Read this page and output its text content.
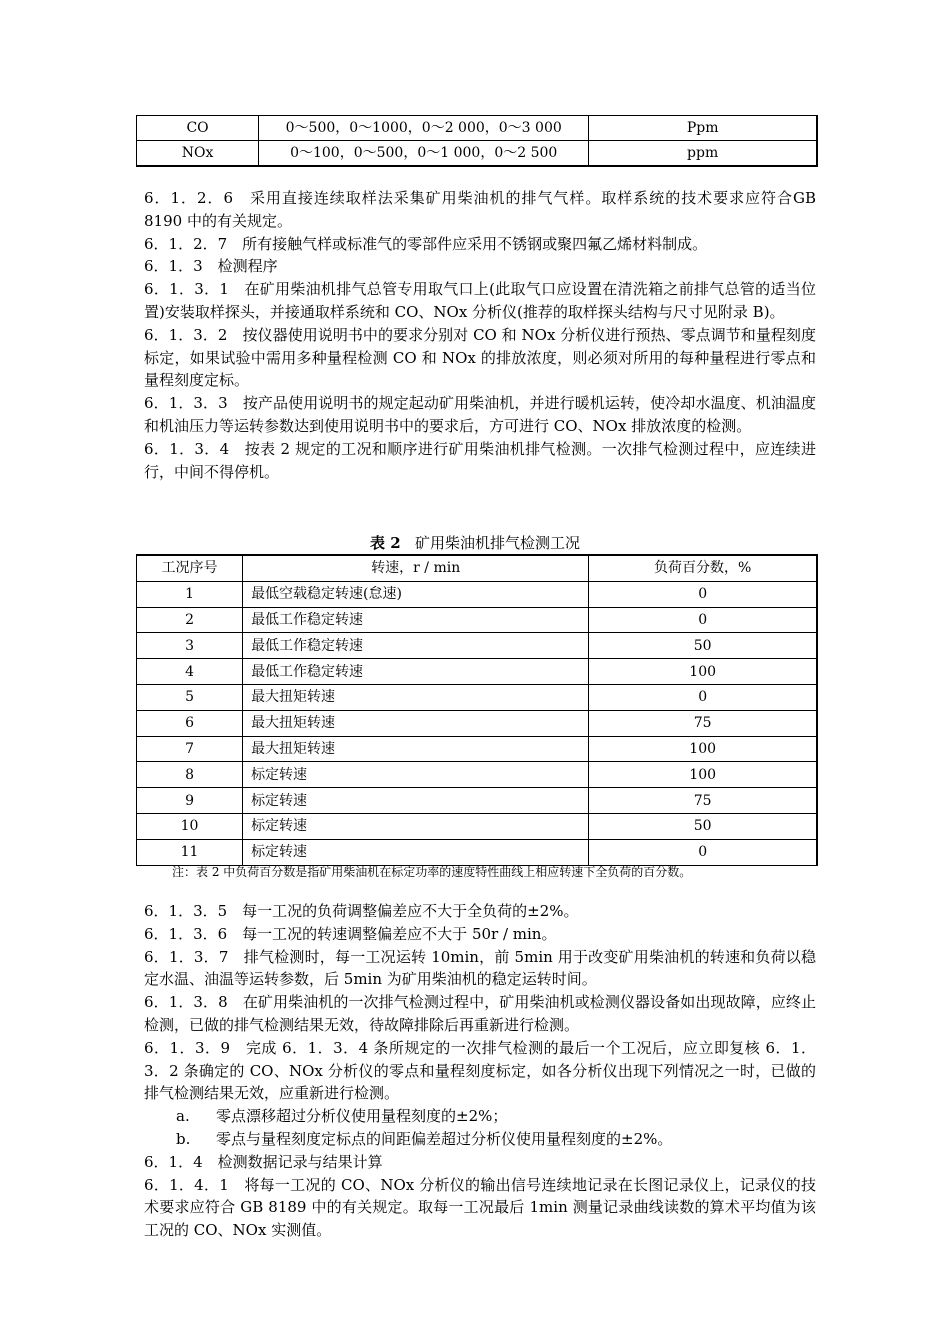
CO	0～500，0～1000，0～2 000，0～3 000	Ppm
NOx	0～100，0～500，0～1 000，0～2 500	ppm

6．1．2．6　采用直接连续取样法采集矿用柴油机的排气气样。取样系统的技术要求应符合GB 8190 中的有关规定。

6．1．2．7　所有接触气样或标准气的零部件应采用不锈钢或聚四氟乙烯材料制成。

6．1．3　检测程序

6．1．3．1　在矿用柴油机排气总管专用取气口上(此取气口应设置在清洗箱之前排气总管的适当位置)安装取样探头，并接通取样系统和 CO、NOx 分析仪(推荐的取样探头结构与尺寸见附录 B)。

6．1．3．2　按仪器使用说明书中的要求分别对 CO 和 NOx 分析仪进行预热、零点调节和量程刻度标定，如果试验中需用多种量程检测 CO 和 NOx 的排放浓度，则必须对所用的每种量程进行零点和量程刻度定标。

6．1．3．3　按产品使用说明书的规定起动矿用柴油机，并进行暖机运转，使冷却水温度、机油温度和机油压力等运转参数达到使用说明书中的要求后，方可进行 CO、NOx 排放浓度的检测。

6．1．3．4　按表 2 规定的工况和顺序进行矿用柴油机排气检测。一次排气检测过程中，应连续进行，中间不得停机。

表 2 矿用柴油机排气检测工况
工况序号	转速，r / min	负荷百分数，%
1	最低空载稳定转速(怠速)	0
2	最低工作稳定转速	0
3	最低工作稳定转速	50
4	最低工作稳定转速	100
5	最大扭矩转速	0
6	最大扭矩转速	75
7	最大扭矩转速	100
8	标定转速	100
9	标定转速	75
10	标定转速	50
11	标定转速	0
注：表 2 中负荷百分数是指矿用柴油机在标定功率的速度特性曲线上相应转速下全负荷的百分数。

6．1．3．5　每一工况的负荷调整偏差应不大于全负荷的±2%。

6．1．3．6　每一工况的转速调整偏差应不大于 50r / min。

6．1．3．7　排气检测时，每一工况运转 10min，前 5min 用于改变矿用柴油机的转速和负荷以稳定水温、油温等运转参数，后 5min 为矿用柴油机的稳定运转时间。

6．1．3．8　在矿用柴油机的一次排气检测过程中，矿用柴油机或检测仪器设备如出现故障，应终止检测，已做的排气检测结果无效，待故障排除后再重新进行检测。

6．1．3．9　完成 6．1．3．4 条所规定的一次排气检测的最后一个工况后，应立即复核 6．1．3．2 条确定的 CO、NOx 分析仪的零点和量程刻度标定，如各分析仪出现下列情况之一时，已做的排气检测结果无效，应重新进行检测。

a. 零点漂移超过分析仪使用量程刻度的±2%；

b. 零点与量程刻度定标点的间距偏差超过分析仪使用量程刻度的±2%。

6．1．4　检测数据记录与结果计算

6．1．4．1　将每一工况的 CO、NOx 分析仪的输出信号连续地记录在长图记录仪上，记录仪的技术要求应符合 GB 8189 中的有关规定。取每一工况最后 1min 测量记录曲线读数的算术平均值为该工况的 CO、NOx 实测值。
